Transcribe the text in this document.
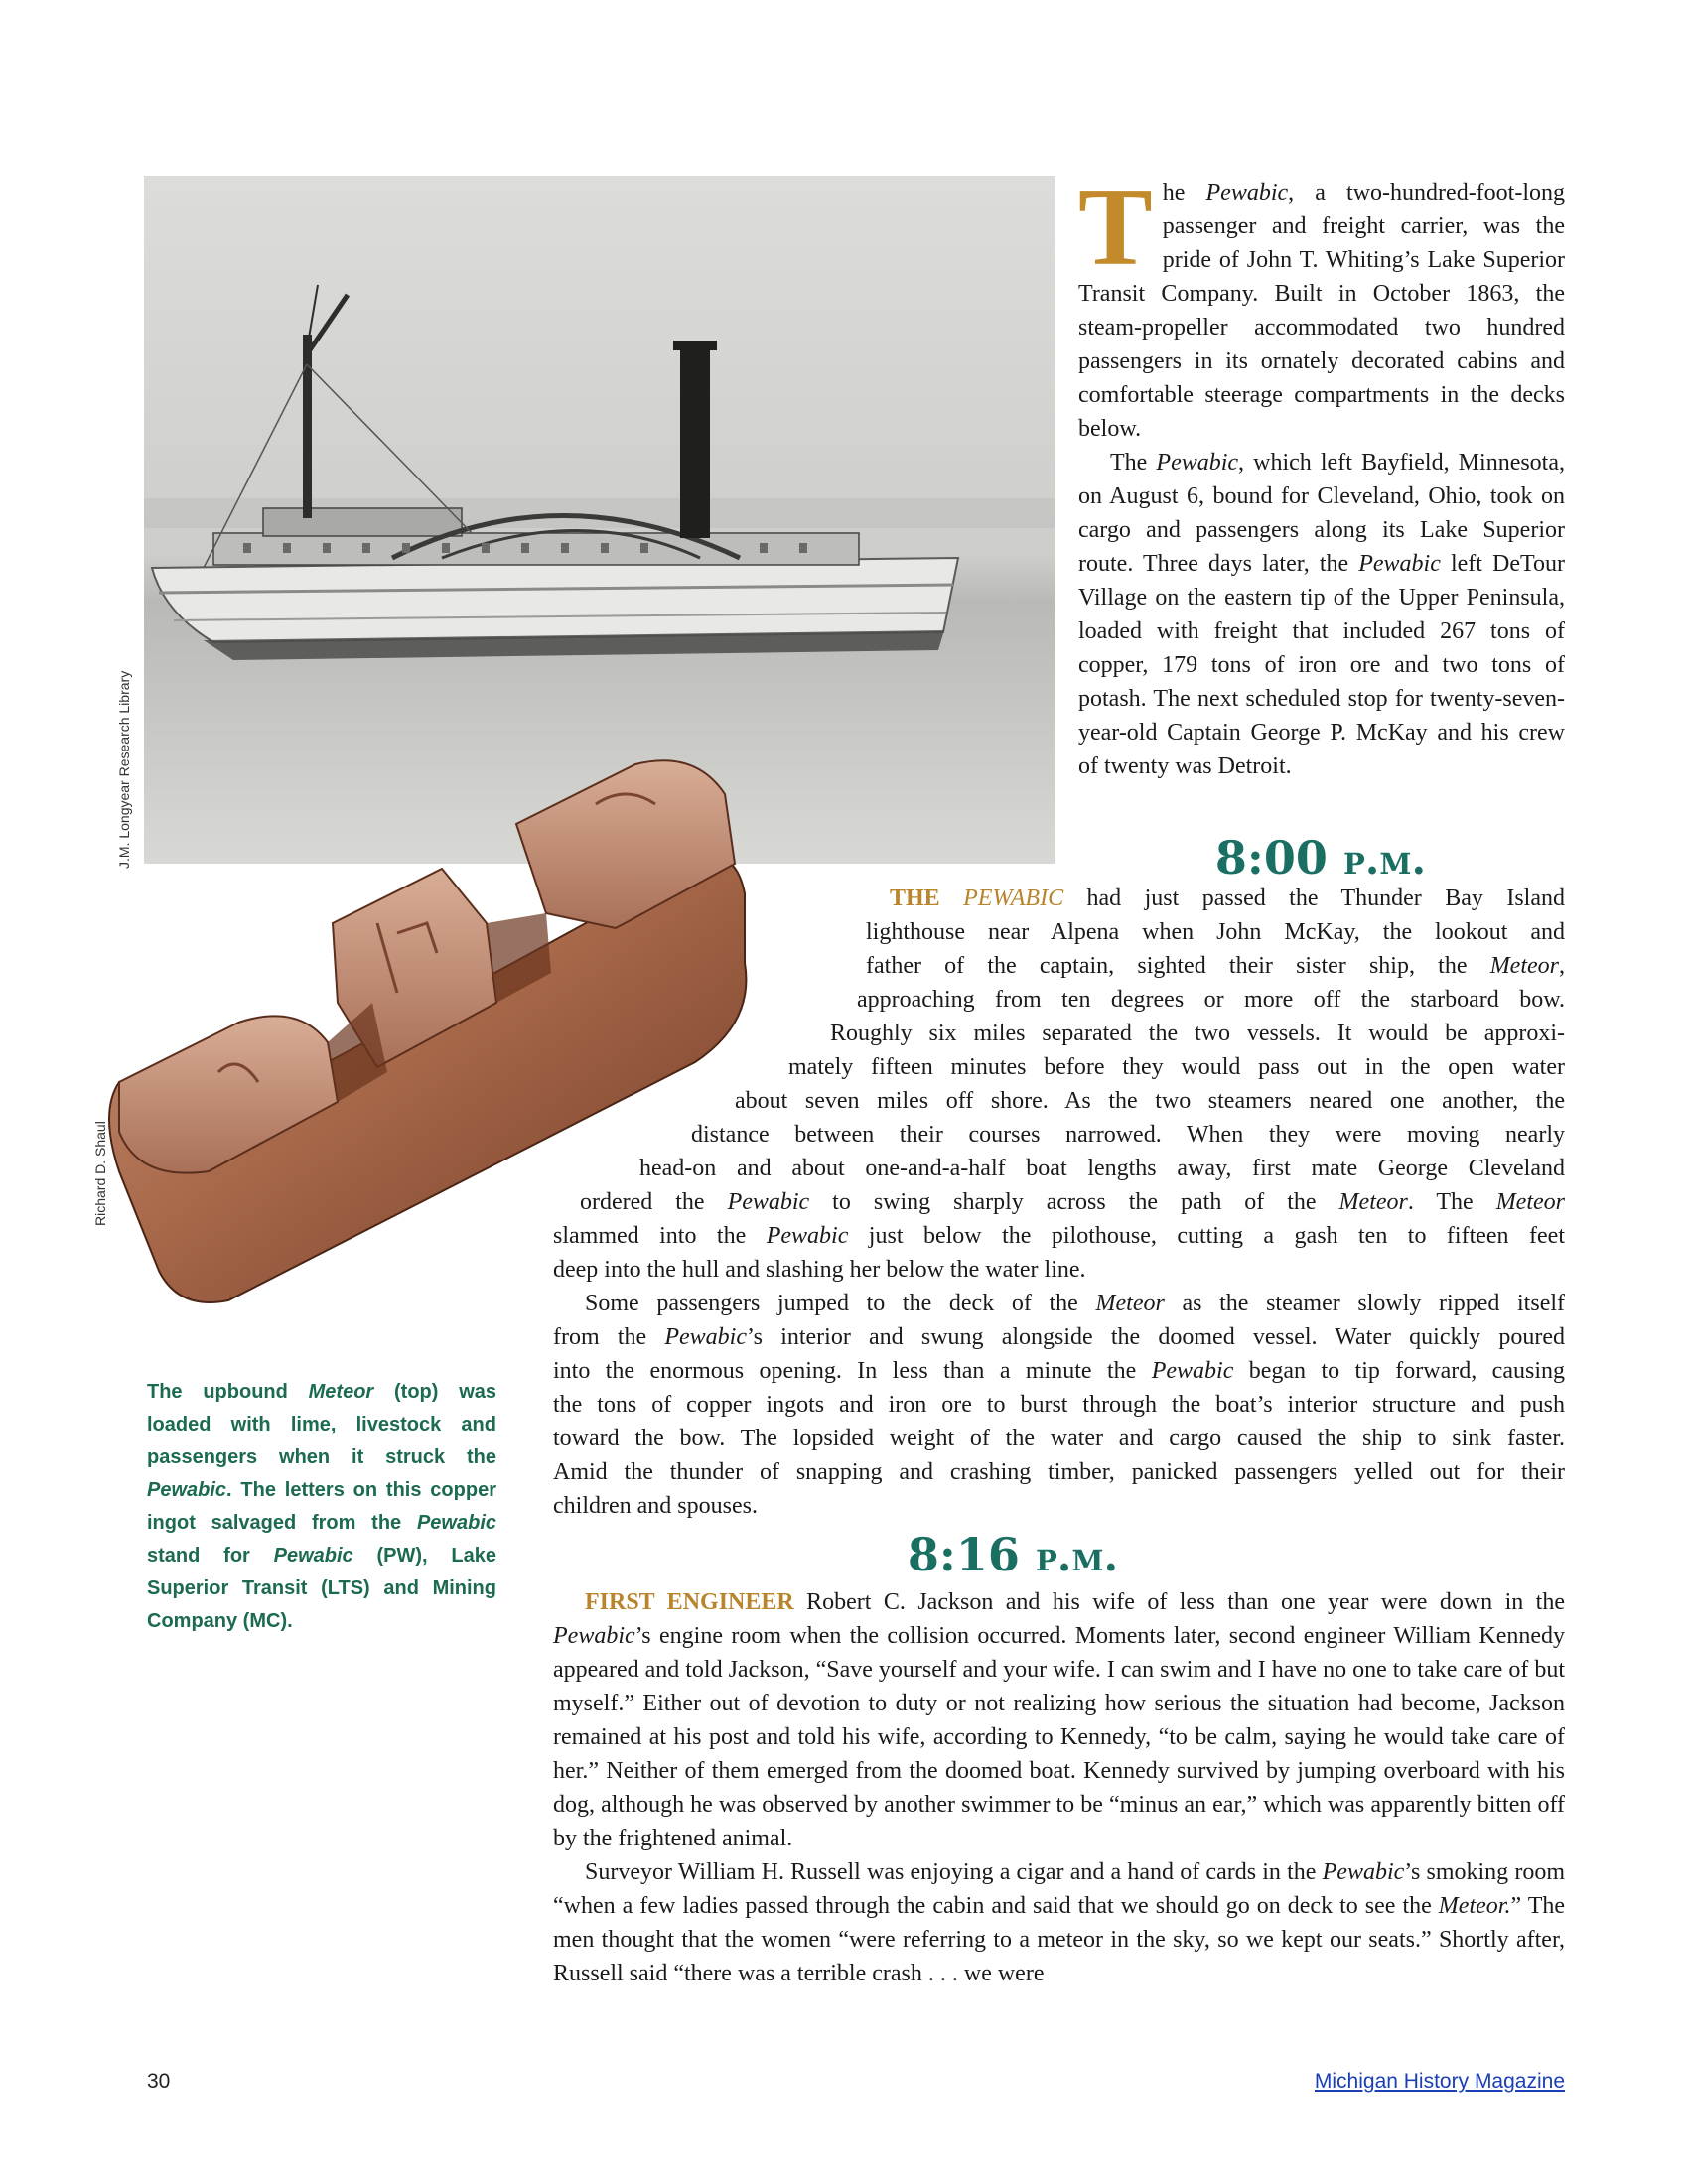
J.M. Longyear Research Library
Richard D. Shaul
The upbound Meteor (top) was loaded with lime, livestock and passengers when it struck the Pewabic. The letters on this copper ingot salvaged from the Pewabic stand for Pewabic (PW), Lake Superior Transit (LTS) and Mining Company (MC).

The Pewabic, a two-hundred-foot-long passenger and freight carrier, was the pride of John T. Whiting’s Lake Superior Transit Company. Built in October 1863, the steam-propeller accommodated two hundred passengers in its ornately decorated cabins and comfortable steerage compartments in the decks below.

The Pewabic, which left Bayfield, Minnesota, on August 6, bound for Cleveland, Ohio, took on cargo and passengers along its Lake Superior route. Three days later, the Pewabic left DeTour Village on the eastern tip of the Upper Peninsula, loaded with freight that included 267 tons of copper, 179 tons of iron ore and two tons of potash. The next scheduled stop for twenty-seven-year-old Captain George P. McKay and his crew of twenty was Detroit.

8:00 p.m.
THE PEWABIC had just passed the Thunder Bay Island
lighthouse near Alpena when John McKay, the lookout and
father of the captain, sighted their sister ship, the Meteor,
approaching from ten degrees or more off the starboard bow.
Roughly six miles separated the two vessels. It would be approxi-
mately fifteen minutes before they would pass out in the open water
about seven miles off shore. As the two steamers neared one another, the
distance between their courses narrowed. When they were moving nearly
head-on and about one-and-a-half boat lengths away, first mate George Cleveland
ordered the Pewabic to swing sharply across the path of the Meteor. The Meteor
slammed into the Pewabic just below the pilothouse, cutting a gash ten to fifteen feet
deep into the hull and slashing her below the water line.
Some passengers jumped to the deck of the Meteor as the steamer slowly ripped itself
from the Pewabic’s interior and swung alongside the doomed vessel. Water quickly poured
into the enormous opening. In less than a minute the Pewabic began to tip forward, causing
the tons of copper ingots and iron ore to burst through the boat’s interior structure and push
toward the bow. The lopsided weight of the water and cargo caused the ship to sink faster.
Amid the thunder of snapping and crashing timber, panicked passengers yelled out for their
children and spouses.
8:16 p.m.

FIRST ENGINEER Robert C. Jackson and his wife of less than one year were down in the Pewabic’s engine room when the collision occurred. Moments later, second engineer William Kennedy appeared and told Jackson, “Save yourself and your wife. I can swim and I have no one to take care of but myself.” Either out of devotion to duty or not realizing how serious the situation had become, Jackson remained at his post and told his wife, according to Kennedy, “to be calm, saying he would take care of her.” Neither of them emerged from the doomed boat. Kennedy survived by jumping overboard with his dog, although he was observed by another swimmer to be “minus an ear,” which was apparently bitten off by the frightened animal.

Surveyor William H. Russell was enjoying a cigar and a hand of cards in the Pewabic’s smoking room “when a few ladies passed through the cabin and said that we should go on deck to see the Meteor.” The men thought that the women “were referring to a meteor in the sky, so we kept our seats.” Shortly after, Russell said “there was a terrible crash . . . we were

30	Michigan History Magazine
